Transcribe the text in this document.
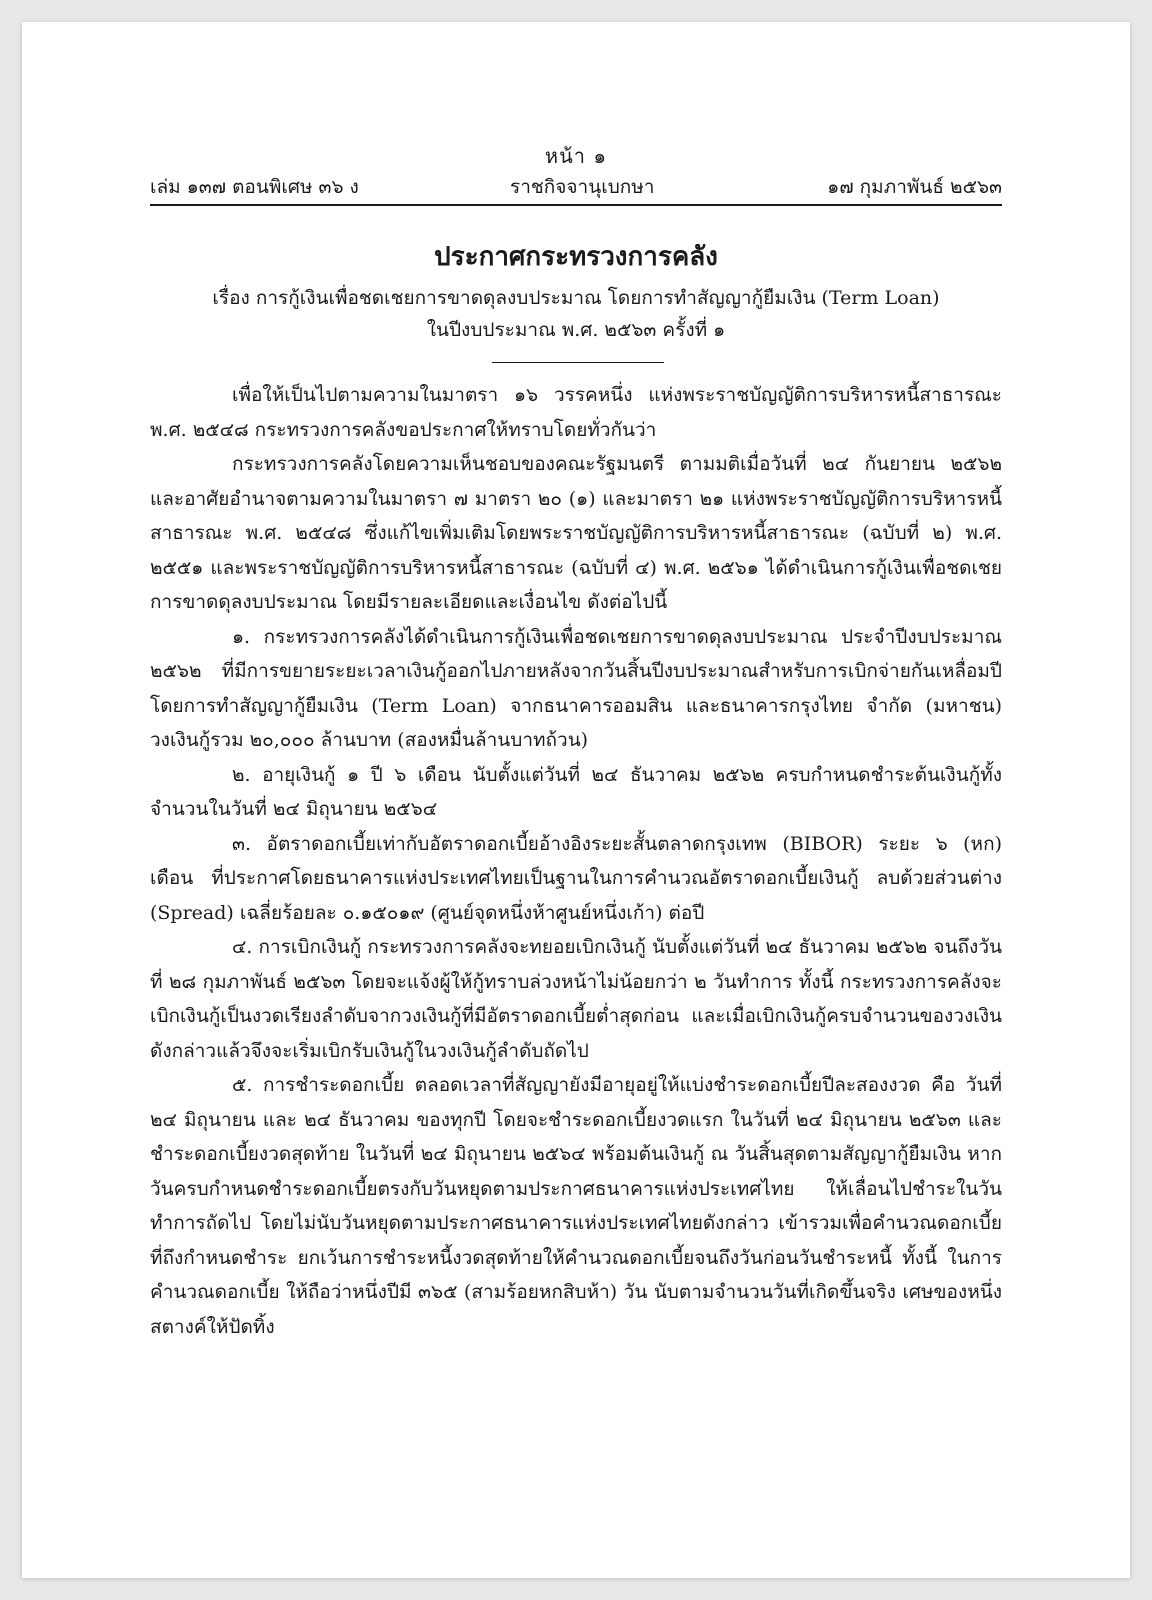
หน้า ๑
เล่ม ๑๓๗ ตอนพิเศษ ๓๖ ง	ราชกิจจานุเบกษา	๑๗ กุมภาพันธ์ ๒๕๖๓
ประกาศกระทรวงการคลัง
เรื่อง การกู้เงินเพื่อชดเชยการขาดดุลงบประมาณ โดยการทำสัญญากู้ยืมเงิน (Term Loan)
ในปีงบประมาณ พ.ศ. ๒๕๖๓ ครั้งที่ ๑

เพื่อให้เป็นไปตามความในมาตรา ๑๖ วรรคหนึ่ง แห่งพระราชบัญญัติการบริหารหนี้สาธารณะ พ.ศ. ๒๕๔๘ กระทรวงการคลังขอประกาศให้ทราบโดยทั่วกันว่า

กระทรวงการคลังโดยความเห็นชอบของคณะรัฐมนตรี ตามมติเมื่อวันที่ ๒๔ กันยายน ๒๕๖๒ และอาศัยอำนาจตามความในมาตรา ๗ มาตรา ๒๐ (๑) และมาตรา ๒๑ แห่งพระราชบัญญัติการบริหารหนี้สาธารณะ พ.ศ. ๒๕๔๘ ซึ่งแก้ไขเพิ่มเติมโดยพระราชบัญญัติการบริหารหนี้สาธารณะ (ฉบับที่ ๒) พ.ศ. ๒๕๕๑ และพระราชบัญญัติการบริหารหนี้สาธารณะ (ฉบับที่ ๔) พ.ศ. ๒๕๖๑ ได้ดำเนินการกู้เงินเพื่อชดเชยการขาดดุลงบประมาณ โดยมีรายละเอียดและเงื่อนไข ดังต่อไปนี้

๑. กระทรวงการคลังได้ดำเนินการกู้เงินเพื่อชดเชยการขาดดุลงบประมาณ ประจำปีงบประมาณ ๒๕๖๒ ที่มีการขยายระยะเวลาเงินกู้ออกไปภายหลังจากวันสิ้นปีงบประมาณสำหรับการเบิกจ่ายกันเหลื่อมปี โดยการทำสัญญากู้ยืมเงิน (Term Loan) จากธนาคารออมสิน และธนาคารกรุงไทย จำกัด (มหาชน) วงเงินกู้รวม ๒๐,๐๐๐ ล้านบาท (สองหมื่นล้านบาทถ้วน)

๒. อายุเงินกู้ ๑ ปี ๖ เดือน นับตั้งแต่วันที่ ๒๔ ธันวาคม ๒๕๖๒ ครบกำหนดชำระต้นเงินกู้ทั้งจำนวนในวันที่ ๒๔ มิถุนายน ๒๕๖๔

๓. อัตราดอกเบี้ยเท่ากับอัตราดอกเบี้ยอ้างอิงระยะสั้นตลาดกรุงเทพ (BIBOR) ระยะ ๖ (หก) เดือน ที่ประกาศโดยธนาคารแห่งประเทศไทยเป็นฐานในการคำนวณอัตราดอกเบี้ยเงินกู้ ลบด้วยส่วนต่าง (Spread) เฉลี่ยร้อยละ ๐.๑๕๐๑๙ (ศูนย์จุดหนึ่งห้าศูนย์หนึ่งเก้า) ต่อปี

๔. การเบิกเงินกู้ กระทรวงการคลังจะทยอยเบิกเงินกู้ นับตั้งแต่วันที่ ๒๔ ธันวาคม ๒๕๖๒ จนถึงวันที่ ๒๘ กุมภาพันธ์ ๒๕๖๓ โดยจะแจ้งผู้ให้กู้ทราบล่วงหน้าไม่น้อยกว่า ๒ วันทำการ ทั้งนี้ กระทรวงการคลังจะเบิกเงินกู้เป็นงวดเรียงลำดับจากวงเงินกู้ที่มีอัตราดอกเบี้ยต่ำสุดก่อน และเมื่อเบิกเงินกู้ครบจำนวนของวงเงินดังกล่าวแล้วจึงจะเริ่มเบิกรับเงินกู้ในวงเงินกู้ลำดับถัดไป

๕. การชำระดอกเบี้ย ตลอดเวลาที่สัญญายังมีอายุอยู่ให้แบ่งชำระดอกเบี้ยปีละสองงวด คือ วันที่ ๒๔ มิถุนายน และ ๒๔ ธันวาคม ของทุกปี โดยจะชำระดอกเบี้ยงวดแรก ในวันที่ ๒๔ มิถุนายน ๒๕๖๓ และชำระดอกเบี้ยงวดสุดท้าย ในวันที่ ๒๔ มิถุนายน ๒๕๖๔ พร้อมต้นเงินกู้ ณ วันสิ้นสุดตามสัญญากู้ยืมเงิน หากวันครบกำหนดชำระดอกเบี้ยตรงกับวันหยุดตามประกาศธนาคารแห่งประเทศไทย ให้เลื่อนไปชำระในวันทำการถัดไป โดยไม่นับวันหยุดตามประกาศธนาคารแห่งประเทศไทยดังกล่าว เข้ารวมเพื่อคำนวณดอกเบี้ยที่ถึงกำหนดชำระ ยกเว้นการชำระหนี้งวดสุดท้ายให้คำนวณดอกเบี้ยจนถึงวันก่อนวันชำระหนี้ ทั้งนี้ ในการคำนวณดอกเบี้ย ให้ถือว่าหนึ่งปีมี ๓๖๕ (สามร้อยหกสิบห้า) วัน นับตามจำนวนวันที่เกิดขึ้นจริง เศษของหนึ่งสตางค์ให้ปัดทิ้ง
